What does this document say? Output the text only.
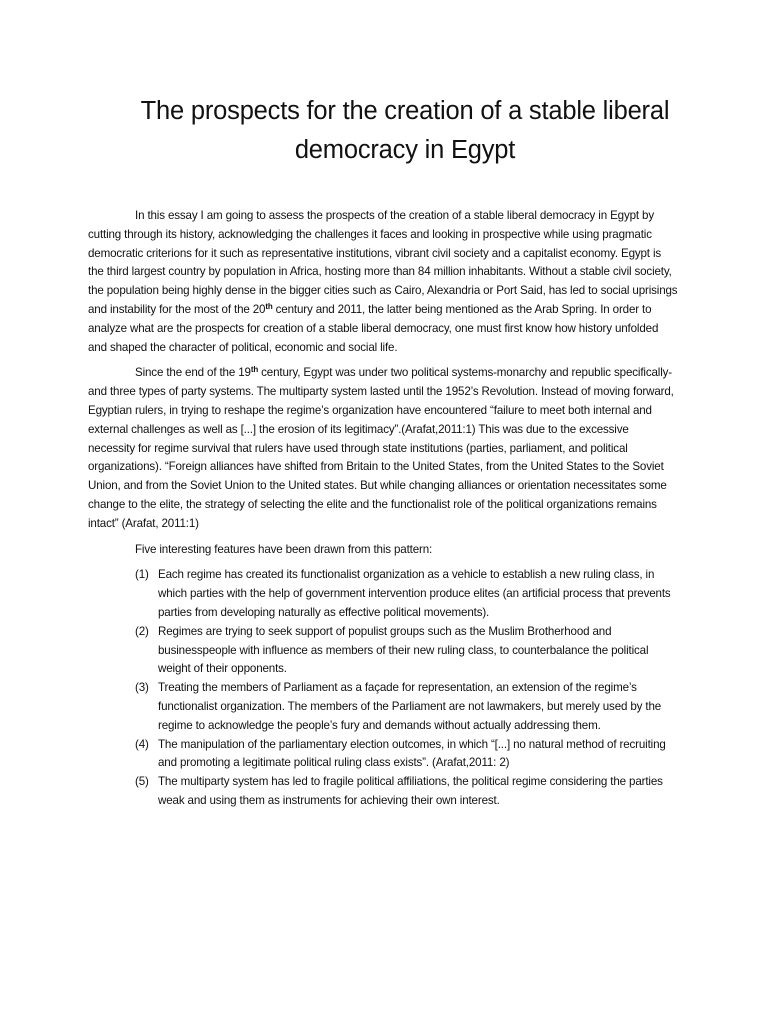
The prospects for the creation of a stable liberal
democracy in Egypt

In this essay I am going to assess the prospects of the creation of a stable liberal democracy in Egypt by cutting through its history, acknowledging the challenges it faces and looking in prospective while using pragmatic democratic criterions for it such as representative institutions, vibrant civil society and a capitalist economy. Egypt is the third largest country by population in Africa, hosting more than 84 million inhabitants. Without a stable civil society, the population being highly dense in the bigger cities such as Cairo, Alexandria or Port Said, has led to social uprisings and instability for the most of the 20th century and 2011, the latter being mentioned as the Arab Spring. In order to analyze what are the prospects for creation of a stable liberal democracy, one must first know how history unfolded and shaped the character of political, economic and social life.

Since the end of the 19th century, Egypt was under two political systems-monarchy and republic specifically- and three types of party systems. The multiparty system lasted until the 1952’s Revolution. Instead of moving forward, Egyptian rulers, in trying to reshape the regime’s organization have encountered “failure to meet both internal and external challenges as well as [...] the erosion of its legitimacy”.(Arafat,2011:1) This was due to the excessive necessity for regime survival that rulers have used through state institutions (parties, parliament, and political organizations). “Foreign alliances have shifted from Britain to the United States, from the United States to the Soviet Union, and from the Soviet Union to the United states. But while changing alliances or orientation necessitates some change to the elite, the strategy of selecting the elite and the functionalist role of the political organizations remains intact” (Arafat, 2011:1)

Five interesting features have been drawn from this pattern:

(1) Each regime has created its functionalist organization as a vehicle to establish a new ruling class, in which parties with the help of government intervention produce elites (an artificial process that prevents parties from developing naturally as effective political movements).
(2) Regimes are trying to seek support of populist groups such as the Muslim Brotherhood and businesspeople with influence as members of their new ruling class, to counterbalance the political weight of their opponents.
(3) Treating the members of Parliament as a façade for representation, an extension of the regime’s functionalist organization. The members of the Parliament are not lawmakers, but merely used by the regime to acknowledge the people’s fury and demands without actually addressing them.
(4) The manipulation of the parliamentary election outcomes, in which “[...] no natural method of recruiting and promoting a legitimate political ruling class exists”. (Arafat,2011: 2)
(5) The multiparty system has led to fragile political affiliations, the political regime considering the parties weak and using them as instruments for achieving their own interest.
